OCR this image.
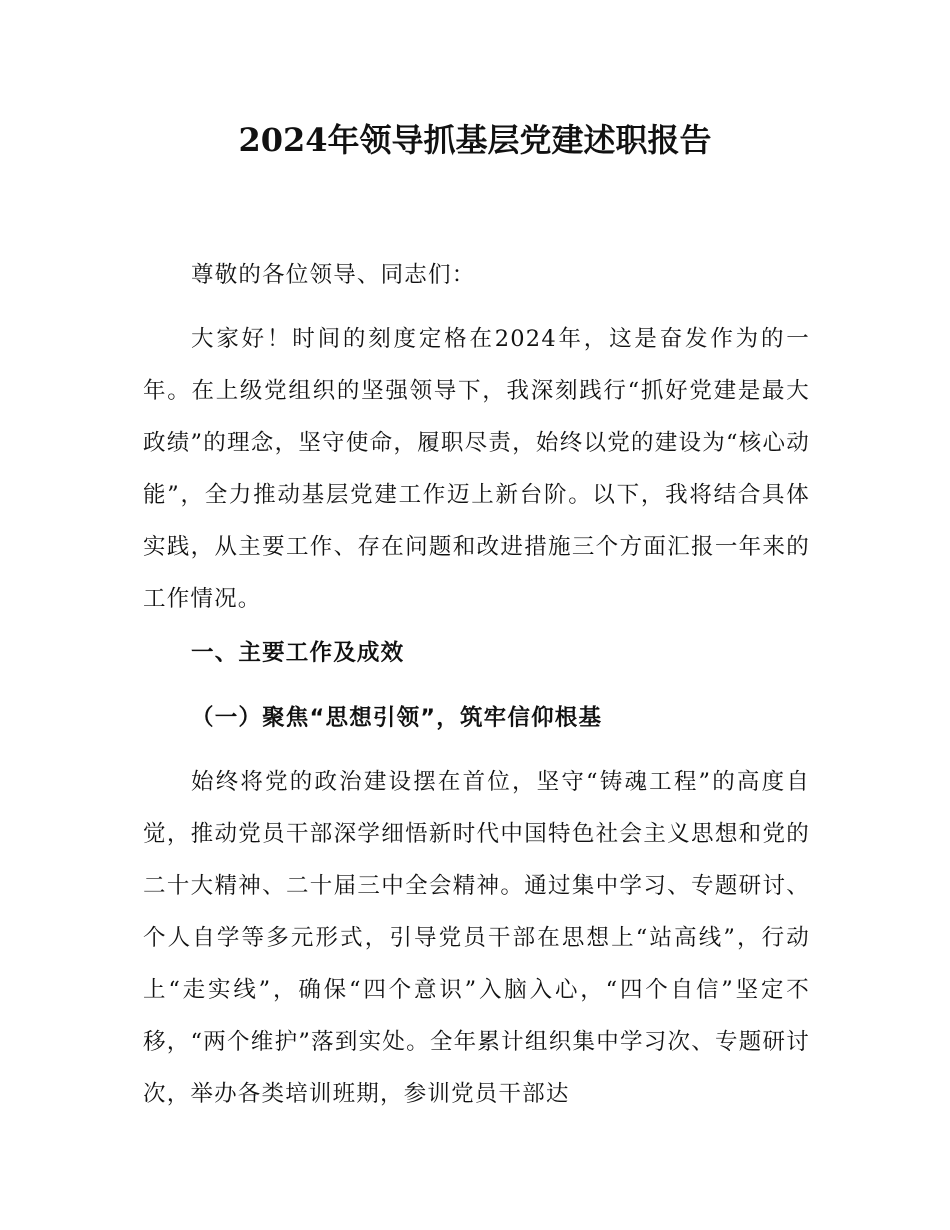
2024年领导抓基层党建述职报告

尊敬的各位领导、同志们：

大家好！时间的刻度定格在2024年，这是奋发作为的一年。在上级党组织的坚强领导下，我深刻践行“抓好党建是最大政绩”的理念，坚守使命，履职尽责，始终以党的建设为“核心动能”，全力推动基层党建工作迈上新台阶。以下，我将结合具体实践，从主要工作、存在问题和改进措施三个方面汇报一年来的工作情况。

一、主要工作及成效

（一）聚焦“思想引领”，筑牢信仰根基

始终将党的政治建设摆在首位，坚守“铸魂工程”的高度自觉，推动党员干部深学细悟新时代中国特色社会主义思想和党的二十大精神、二十届三中全会精神。通过集中学习、专题研讨、个人自学等多元形式，引导党员干部在思想上“站高线”，行动上“走实线”，确保“四个意识”入脑入心，“四个自信”坚定不移，“两个维护”落到实处。全年累计组织集中学习次、专题研讨次，举办各类培训班期，参训党员干部达
